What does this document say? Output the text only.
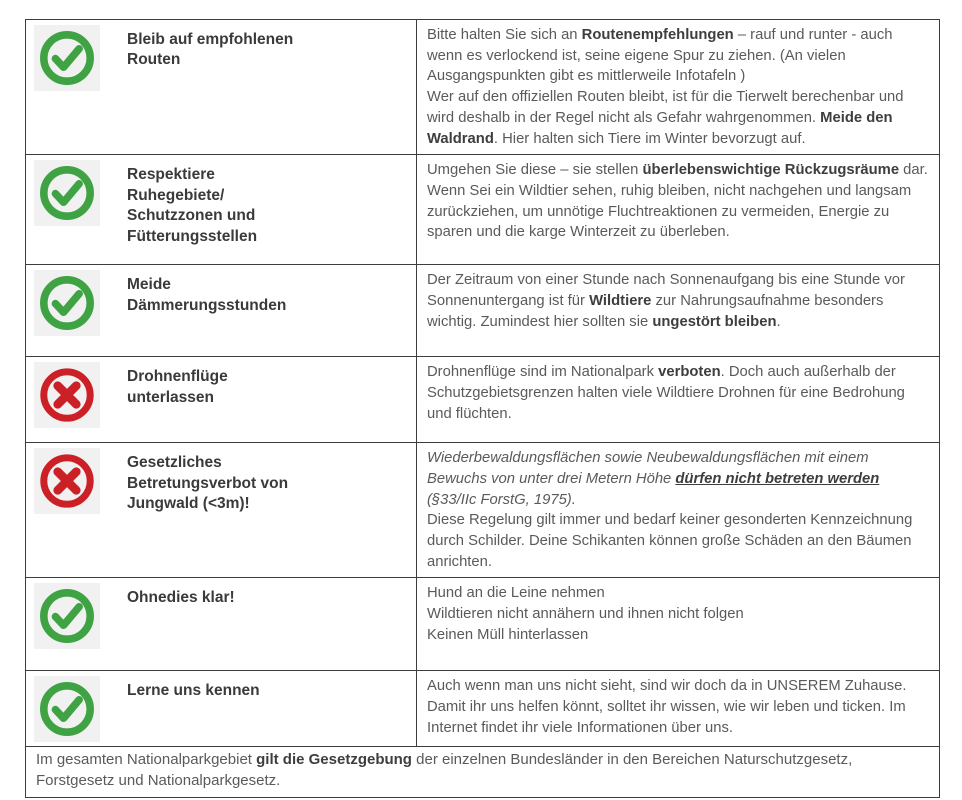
Bleib auf empfohlenen
Routen
Bitte halten Sie sich an Routenempfehlungen – rauf und runter - auch wenn es verlockend ist, seine eigene Spur zu ziehen. (An vielen Ausgangspunkten gibt es mittlerweile Infotafeln )
Wer auf den offiziellen Routen bleibt, ist für die Tierwelt berechenbar und wird deshalb in der Regel nicht als Gefahr wahrgenommen. Meide den Waldrand. Hier halten sich Tiere im Winter bevorzugt auf.
Respektiere
Ruhegebiete/
Schutzzonen und
Fütterungsstellen
Umgehen Sie diese – sie stellen überlebenswichtige Rückzugsräume dar. Wenn Sei ein Wildtier sehen, ruhig bleiben, nicht nachgehen und langsam zurückziehen, um unnötige Fluchtreaktionen zu vermeiden, Energie zu sparen und die karge Winterzeit zu überleben.
Meide
Dämmerungsstunden
Der Zeitraum von einer Stunde nach Sonnenaufgang bis eine Stunde vor Sonnenuntergang ist für Wildtiere zur Nahrungsaufnahme besonders wichtig. Zumindest hier sollten sie ungestört bleiben.
Drohnenflüge
unterlassen
Drohnenflüge sind im Nationalpark verboten. Doch auch außerhalb der Schutzgebietsgrenzen halten viele Wildtiere Drohnen für eine Bedrohung und flüchten.
Gesetzliches
Betretungsverbot von
Jungwald (<3m)!
Wiederbewaldungsflächen sowie Neubewaldungsflächen mit einem Bewuchs von unter drei Metern Höhe dürfen nicht betreten werden (§33/IIc ForstG, 1975).
Diese Regelung gilt immer und bedarf keiner gesonderten Kennzeichnung durch Schilder. Deine Schikanten können große Schäden an den Bäumen anrichten.
Ohnedies klar!	Hund an die Leine nehmen
Wildtieren nicht annähern und ihnen nicht folgen
Keinen Müll hinterlassen
Lerne uns kennen	Auch wenn man uns nicht sieht, sind wir doch da in UNSEREM Zuhause. Damit ihr uns helfen könnt, solltet ihr wissen, wie wir leben und ticken. Im Internet findet ihr viele Informationen über uns.
Im gesamten Nationalparkgebiet gilt die Gesetzgebung der einzelnen Bundesländer in den Bereichen Naturschutzgesetz, Forstgesetz und Nationalparkgesetz.
